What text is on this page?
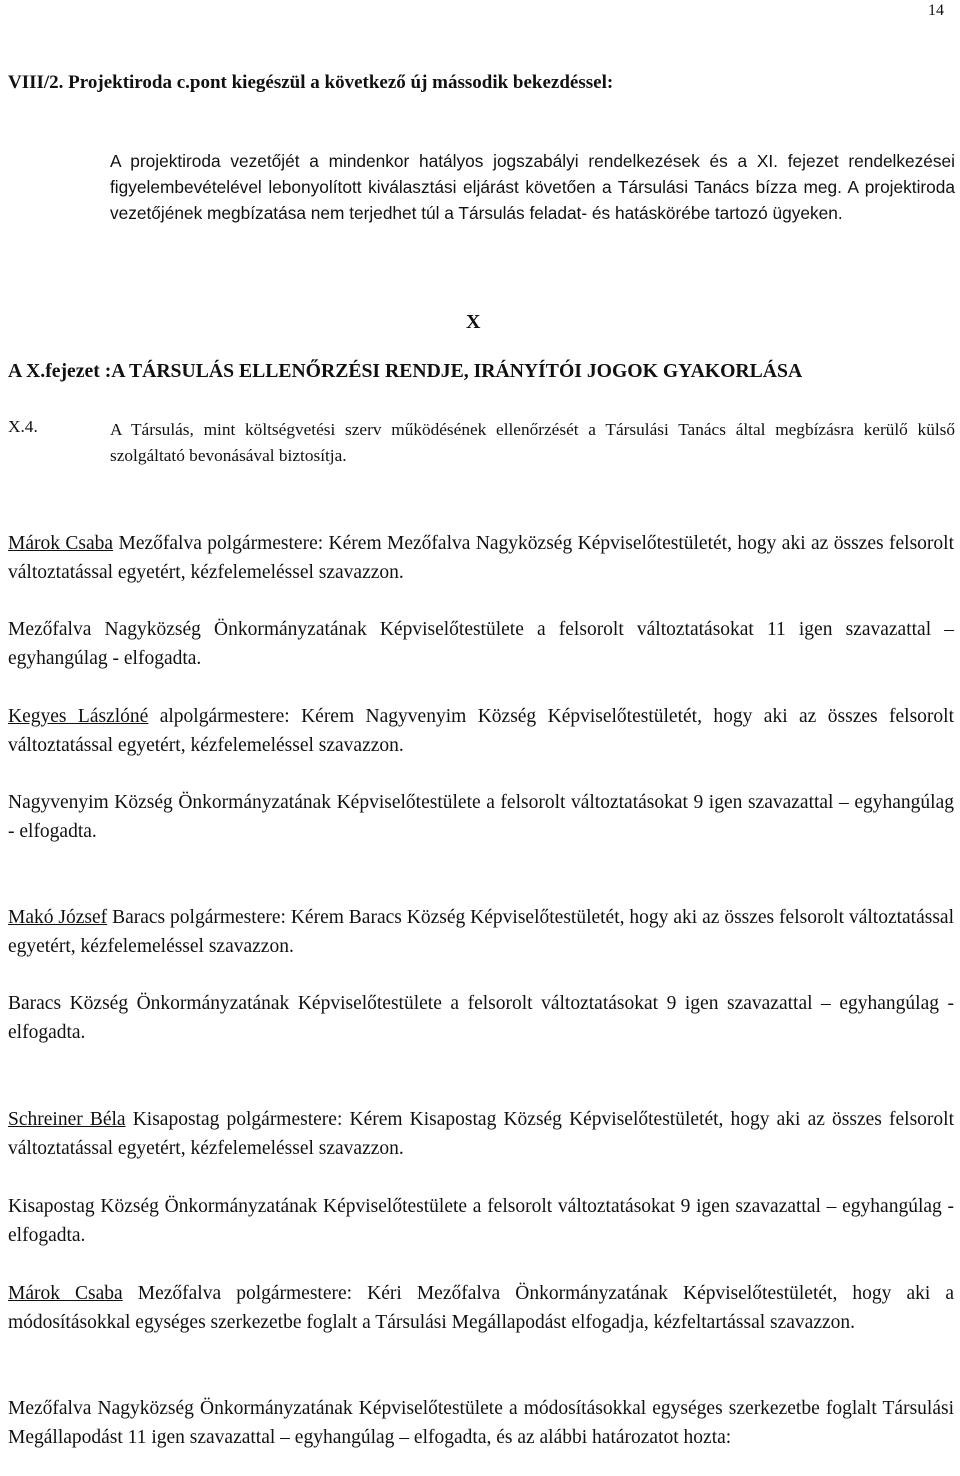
14
VIII/2. Projektiroda c.pont kiegészül a következő új mássodik bekezdéssel:
A projektiroda vezetőjét a mindenkor hatályos jogszabályi rendelkezések és a XI. fejezet rendelkezései figyelembevételével lebonyolított kiválasztási eljárást követően a Társulási Tanács bízza meg. A projektiroda vezetőjének megbízatása nem terjedhet túl a Társulás feladat- és hatáskörébe tartozó ügyeken.
X
A X.fejezet :A TÁRSULÁS ELLENŐRZÉSI RENDJE, IRÁNYÍTÓI JOGOK GYAKORLÁSA
X.4.	A Társulás, mint költségvetési szerv működésének ellenőrzését a Társulási Tanács által megbízásra kerülő külső szolgáltató bevonásával biztosítja.
Márok Csaba Mezőfalva polgármestere: Kérem Mezőfalva Nagyközség Képviselőtestületét, hogy aki az összes felsorolt változtatással egyetért, kézfelemeléssel szavazzon.
Mezőfalva Nagyközség Önkormányzatának Képviselőtestülete a felsorolt változtatásokat 11 igen szavazattal – egyhangúlag - elfogadta.
Kegyes Lászlóné alpolgármestere: Kérem Nagyvenyim Község Képviselőtestületét, hogy aki az összes felsorolt változtatással egyetért, kézfelemeléssel szavazzon.
Nagyvenyim Község Önkormányzatának Képviselőtestülete a felsorolt változtatásokat 9 igen szavazattal – egyhangúlag - elfogadta.
Makó József Baracs polgármestere: Kérem Baracs Község Képviselőtestületét, hogy aki az összes felsorolt változtatással egyetért, kézfelemeléssel szavazzon.
Baracs Község Önkormányzatának Képviselőtestülete a felsorolt változtatásokat 9 igen szavazattal – egyhangúlag - elfogadta.
Schreiner Béla Kisapostag polgármestere: Kérem Kisapostag Község Képviselőtestületét, hogy aki az összes felsorolt változtatással egyetért, kézfelemeléssel szavazzon.
Kisapostag Község Önkormányzatának Képviselőtestülete a felsorolt változtatásokat 9 igen szavazattal – egyhangúlag - elfogadta.
Márok Csaba Mezőfalva polgármestere: Kéri Mezőfalva Önkormányzatának Képviselőtestületét, hogy aki a módosításokkal egységes szerkezetbe foglalt a Társulási Megállapodást elfogadja, kézfeltartással szavazzon.
Mezőfalva Nagyközség Önkormányzatának Képviselőtestülete a módosításokkal egységes szerkezetbe foglalt Társulási Megállapodást 11 igen szavazattal – egyhangúlag – elfogadta, és az alábbi határozatot hozta:
